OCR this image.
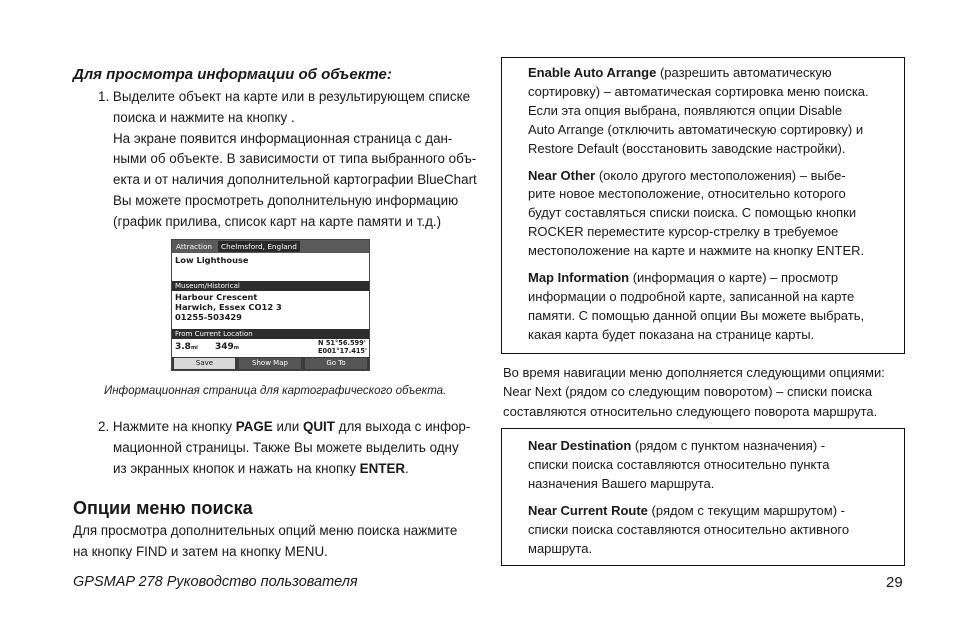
Для просмотра информации об объекте:
1. Выделите объект на карте или в результирующем списке
поиска и нажмите на кнопку .
На экране появится информационная страница с дан-
ными об объекте. В зависимости от типа выбранного объ-
екта и от наличия дополнительной картографии BlueChart
Вы можете просмотреть дополнительную информацию
(график прилива, список карт на карте памяти и т.д.)
Attraction	Chelmsford, England
Low Lighthouse
Museum/Historical
Harbour Crescent
Harwich, Essex CO12 3
01255-503429
From Current Location
3.8mi 349m
N 51°56.599'
E001°17.415'
Save	Show Map	Go To
Информационная страница для картографического объекта.
2. Нажмите на кнопку PAGE или QUIT для выхода с инфор-
мационной страницы. Также Вы можете выделить одну
из экранных кнопок и нажать на кнопку ENTER.
Опции меню поиска
Для просмотра дополнительных опций меню поиска нажмите
на кнопку FIND и затем на кнопку MENU.
Enable Auto Arrange (разрешить автоматическую
сортировку) – автоматическая сортировка меню поиска.
Если эта опция выбрана, появляются опции Disable
Auto Arrange (отключить автоматическую сортировку) и
Restore Default (восстановить заводские настройки).
Near Other (около другого местоположения) – выбе-
рите новое местоположение, относительно которого
будут составляться списки поиска. С помощью кнопки
ROCKER переместите курсор-стрелку в требуемое
местоположение на карте и нажмите на кнопку ENTER.
Map Information (информация о карте) – просмотр
информации о подробной карте, записанной на карте
памяти. С помощью данной опции Вы можете выбрать,
какая карта будет показана на странице карты.
Во время навигации меню дополняется следующими опциями:
Near Next (рядом со следующим поворотом) – списки поиска
составляются относительно следующего поворота маршрута.
Near Destination (рядом с пунктом назначения) -
списки поиска составляются относительно пункта
назначения Вашего маршрута.
Near Current Route (рядом с текущим маршрутом) -
списки поиска составляются относительно активного
маршрута.
GPSMAP 278 Руководство пользователя	29
